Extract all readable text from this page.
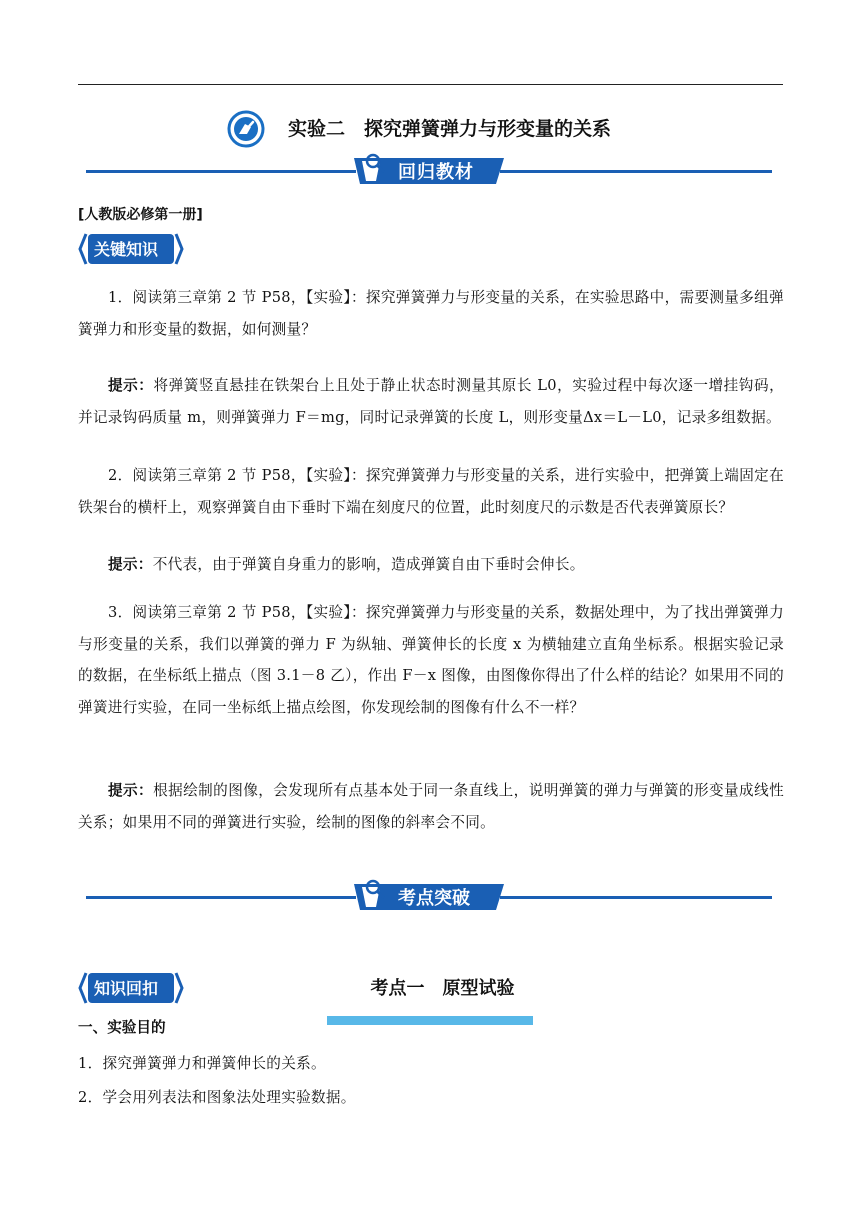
实验二　探究弹簧弹力与形变量的关系
回归教材
[人教版必修第一册]
关键知识

1．阅读第三章第 2 节 P58，【实验】：探究弹簧弹力与形变量的关系，在实验思路中，需要测量多组弹簧弹力和形变量的数据，如何测量？

提示：将弹簧竖直悬挂在铁架台上且处于静止状态时测量其原长 L0，实验过程中每次逐一增挂钩码，并记录钩码质量 m，则弹簧弹力 F＝mg，同时记录弹簧的长度 L，则形变量Δx＝L－L0，记录多组数据。

2．阅读第三章第 2 节 P58，【实验】：探究弹簧弹力与形变量的关系，进行实验中，把弹簧上端固定在铁架台的横杆上，观察弹簧自由下垂时下端在刻度尺的位置，此时刻度尺的示数是否代表弹簧原长？

提示：不代表，由于弹簧自身重力的影响，造成弹簧自由下垂时会伸长。

3．阅读第三章第 2 节 P58，【实验】：探究弹簧弹力与形变量的关系，数据处理中，为了找出弹簧弹力与形变量的关系，我们以弹簧的弹力 F 为纵轴、弹簧伸长的长度 x 为横轴建立直角坐标系。根据实验记录的数据，在坐标纸上描点（图 3.1－8 乙），作出 F－x 图像，由图像你得出了什么样的结论？如果用不同的弹簧进行实验，在同一坐标纸上描点绘图，你发现绘制的图像有什么不一样？

提示：根据绘制的图像，会发现所有点基本处于同一条直线上，说明弹簧的弹力与弹簧的形变量成线性关系；如果用不同的弹簧进行实验，绘制的图像的斜率会不同。

考点突破

考点一　原型试验

知识回扣
一、实验目的
1．探究弹簧弹力和弹簧伸长的关系。
2．学会用列表法和图象法处理实验数据。
